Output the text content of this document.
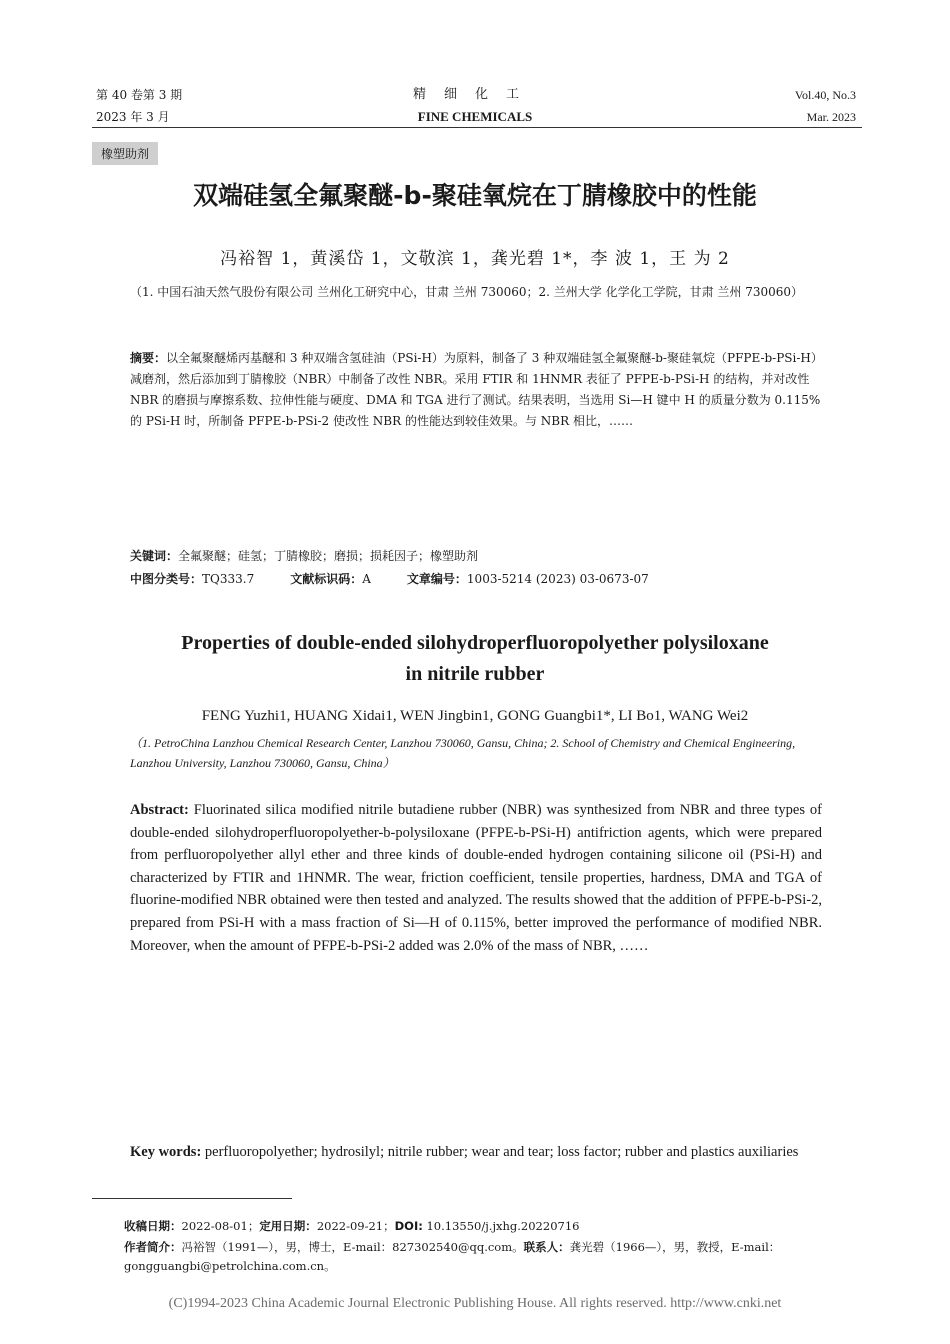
第 40 卷第 3 期
2023 年 3 月
精细化工
FINE CHEMICALS
Vol.40, No.3
Mar. 2023
橡塑助剂
双端硅氢全氟聚醚-b-聚硅氧烷在丁腈橡胶中的性能
冯裕智 1，黄溪岱 1，文敬滨 1，龚光碧 1*，李 波 1，王 为 2
（1. 中国石油天然气股份有限公司 兰州化工研究中心，甘肃 兰州 730060；2. 兰州大学 化学化工学院，甘肃 兰州 730060）
摘要：以全氟聚醚烯丙基醚和 3 种双端含氢硅油（PSi-H）为原料，制备了 3 种双端硅氢全氟聚醚-b-聚硅氧烷（PFPE-b-PSi-H）减磨剂，然后添加到丁腈橡胶（NBR）中制备了改性 NBR。采用 FTIR 和 1HNMR 表征了 PFPE-b-PSi-H 的结构，并对改性 NBR 的磨损与摩擦系数、拉伸性能与硬度、DMA 和 TGA 进行了测试。结果表明，当选用 Si—H 键中 H 的质量分数为 0.115%的 PSi-H 时，所制备 PFPE-b-PSi-2 使改性 NBR 的性能达到较佳效果。与 NBR 相比，……
关键词：全氟聚醚；硅氢；丁腈橡胶；磨损；损耗因子；橡塑助剂
中图分类号：TQ333.7	文献标识码：A	文章编号：1003-5214 (2023) 03-0673-07
Properties of double-ended silohydroperfluoropolyether polysiloxane
in nitrile rubber
FENG Yuzhi1, HUANG Xidai1, WEN Jingbin1, GONG Guangbi1*, LI Bo1, WANG Wei2
（1. PetroChina Lanzhou Chemical Research Center, Lanzhou 730060, Gansu, China; 2. School of Chemistry and Chemical Engineering, Lanzhou University, Lanzhou 730060, Gansu, China）
Abstract: Fluorinated silica modified nitrile butadiene rubber (NBR) was synthesized from NBR and three types of double-ended silohydroperfluoropolyether-b-polysiloxane (PFPE-b-PSi-H) antifriction agents, which were prepared from perfluoropolyether allyl ether and three kinds of double-ended hydrogen containing silicone oil (PSi-H) and characterized by FTIR and 1HNMR. The wear, friction coefficient, tensile properties, hardness, DMA and TGA of fluorine-modified NBR obtained were then tested and analyzed. The results showed that the addition of PFPE-b-PSi-2, prepared from PSi-H with a mass fraction of Si—H of 0.115%, better improved the performance of modified NBR. Moreover, when the amount of PFPE-b-PSi-2 added was 2.0% of the mass of NBR, ……
Key words: perfluoropolyether; hydrosilyl; nitrile rubber; wear and tear; loss factor; rubber and plastics auxiliaries
收稿日期：2022-08-01；定用日期：2022-09-21；DOI: 10.13550/j.jxhg.20220716
作者简介：冯裕智（1991—），男，博士，E-mail：827302540@qq.com。联系人：龚光碧（1966—），男，教授，E-mail：gongguangbi@petrolchina.com.cn。
(C)1994-2023 China Academic Journal Electronic Publishing House. All rights reserved. http://www.cnki.net
